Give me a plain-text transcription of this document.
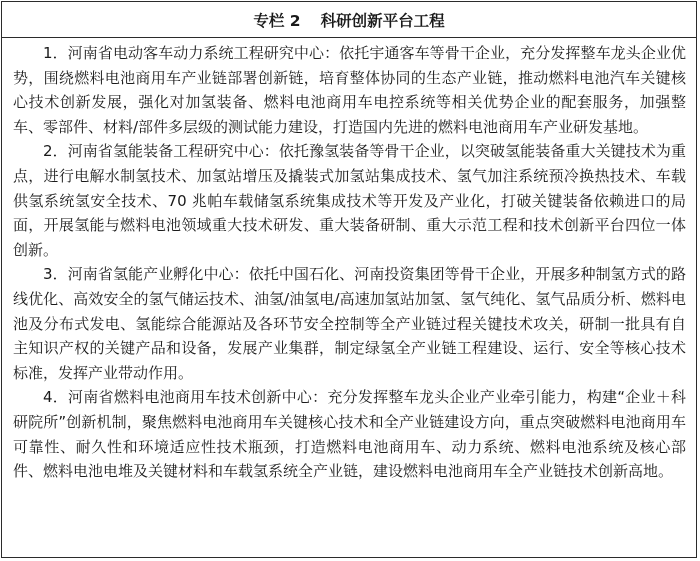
专栏 2 科研创新平台工程

1．河南省电动客车动力系统工程研究中心：依托宇通客车等骨干企业，充分发挥整车龙头企业优势，围绕燃料电池商用车产业链部署创新链，培育整体协同的生态产业链，推动燃料电池汽车关键核心技术创新发展，强化对加氢装备、燃料电池商用车电控系统等相关优势企业的配套服务，加强整车、零部件、材料/部件多层级的测试能力建设，打造国内先进的燃料电池商用车产业研发基地。

2．河南省氢能装备工程研究中心：依托豫氢装备等骨干企业，以突破氢能装备重大关键技术为重点，进行电解水制氢技术、加氢站增压及撬装式加氢站集成技术、氢气加注系统预冷换热技术、车载供氢系统氢安全技术、70 兆帕车载储氢系统集成技术等开发及产业化，打破关键装备依赖进口的局面，开展氢能与燃料电池领域重大技术研发、重大装备研制、重大示范工程和技术创新平台四位一体创新。

3．河南省氢能产业孵化中心：依托中国石化、河南投资集团等骨干企业，开展多种制氢方式的路线优化、高效安全的氢气储运技术、油氢/油氢电/高速加氢站加氢、氢气纯化、氢气品质分析、燃料电池及分布式发电、氢能综合能源站及各环节安全控制等全产业链过程关键技术攻关，研制一批具有自主知识产权的关键产品和设备，发展产业集群，制定绿氢全产业链工程建设、运行、安全等核心技术标准，发挥产业带动作用。

4．河南省燃料电池商用车技术创新中心：充分发挥整车龙头企业产业牵引能力，构建“企业＋科研院所”创新机制，聚焦燃料电池商用车关键核心技术和全产业链建设方向，重点突破燃料电池商用车可靠性、耐久性和环境适应性技术瓶颈，打造燃料电池商用车、动力系统、燃料电池系统及核心部件、燃料电池电堆及关键材料和车载氢系统全产业链，建设燃料电池商用车全产业链技术创新高地。
